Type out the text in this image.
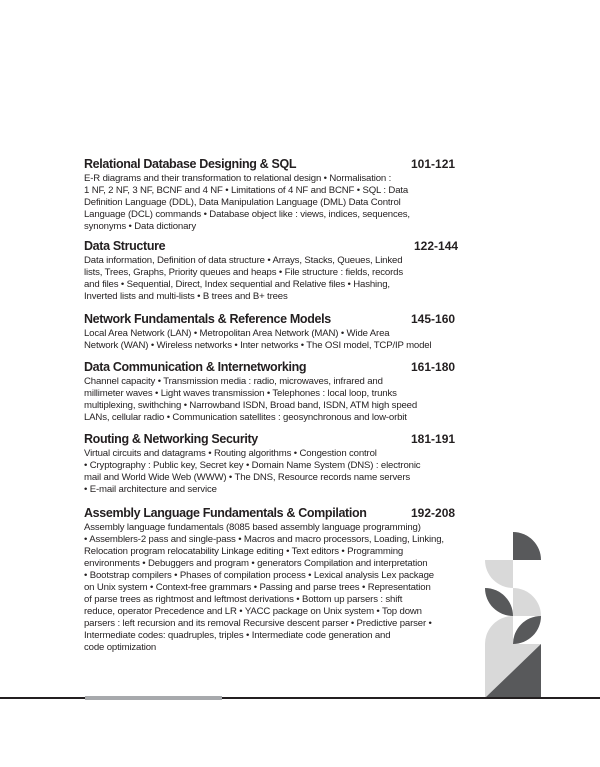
Relational Database Designing & SQL	101-121

E-R diagrams and their transformation to relational design • Normalisation :
1 NF, 2 NF, 3 NF, BCNF and 4 NF • Limitations of 4 NF and BCNF • SQL : Data
Definition Language (DDL), Data Manipulation Language (DML) Data Control
Language (DCL) commands • Database object like : views, indices, sequences,
synonyms • Data dictionary

Data Structure	122-144

Data information, Definition of data structure • Arrays, Stacks, Queues, Linked
lists, Trees, Graphs, Priority queues and heaps • File structure : fields, records
and files • Sequential, Direct, Index sequential and Relative files • Hashing,
Inverted lists and multi-lists • B trees and B+ trees

Network Fundamentals & Reference Models	145-160

Local Area Network (LAN) • Metropolitan Area Network (MAN) • Wide Area
Network (WAN) • Wireless networks • Inter networks • The OSI model, TCP/IP model

Data Communication & Internetworking	161-180

Channel capacity • Transmission media : radio, microwaves, infrared and
millimeter waves • Light waves transmission • Telephones : local loop, trunks
multiplexing, swithching • Narrowband ISDN, Broad band, ISDN, ATM high speed
LANs, cellular radio • Communication satellites : geosynchronous and low-orbit

Routing & Networking Security	181-191

Virtual circuits and datagrams • Routing algorithms • Congestion control
• Cryptography : Public key, Secret key • Domain Name System (DNS) : electronic
mail and World Wide Web (WWW) • The DNS, Resource records name servers
• E-mail architecture and service

Assembly Language Fundamentals & Compilation	192-208

Assembly language fundamentals (8085 based assembly language programming)
• Assemblers-2 pass and single-pass • Macros and macro processors, Loading, Linking,
Relocation program relocatability Linkage editing • Text editors • Programming
environments • Debuggers and program • generators Compilation and interpretation
• Bootstrap compilers • Phases of compilation process • Lexical analysis Lex package
on Unix system • Context-free grammars • Passing and parse trees • Representation
of parse trees as rightmost and leftmost derivations • Bottom up parsers : shift
reduce, operator Precedence and LR • YACC package on Unix system • Top down
parsers : left recursion and its removal Recursive descent parser • Predictive parser •
Intermediate codes: quadruples, triples • Intermediate code generation and
code optimization
